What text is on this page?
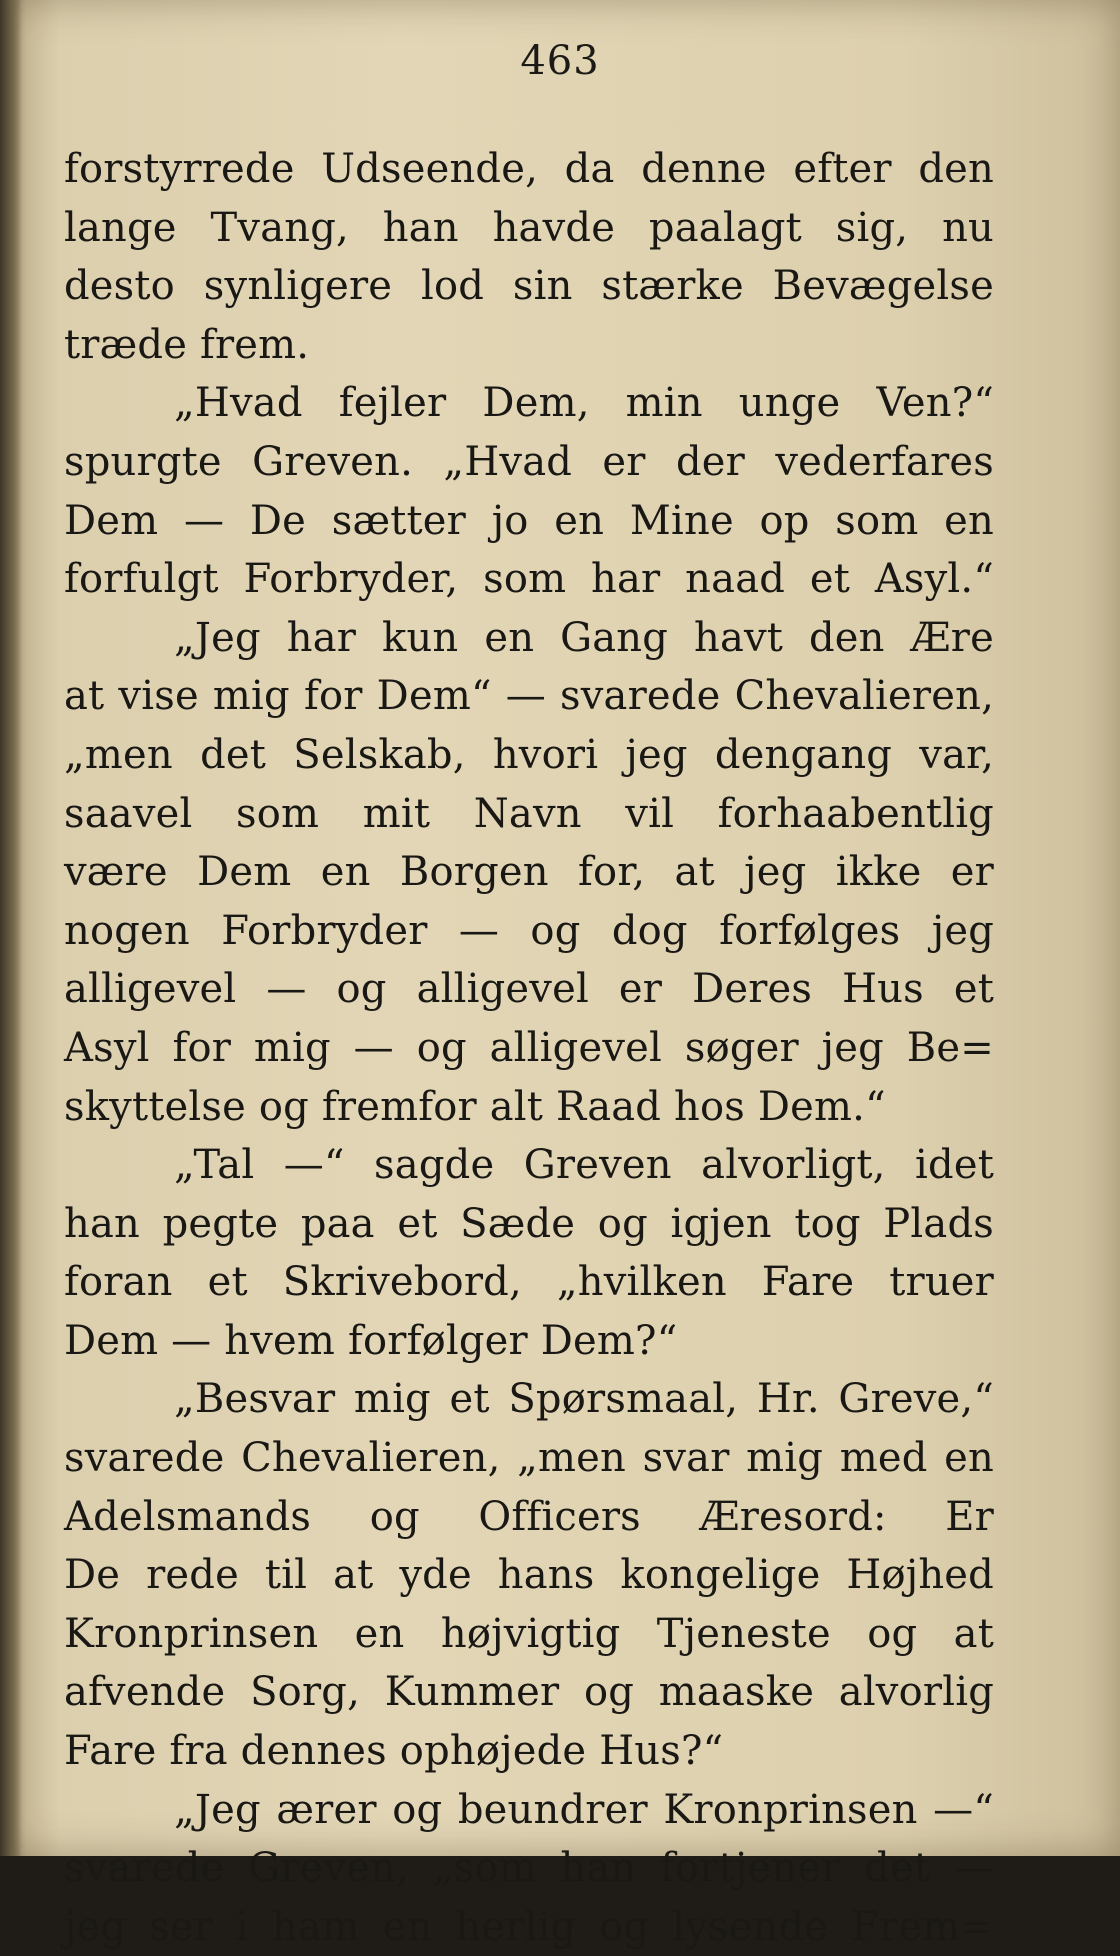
463
forstyrrede Udseende, da denne efter den
lange Tvang, han havde paalagt sig, nu
desto synligere lod sin stærke Bevægelse
træde frem.
„Hvad fejler Dem, min unge Ven?“
spurgte Greven. „Hvad er der vederfares
Dem — De sætter jo en Mine op som en
forfulgt Forbryder, som har naad et Asyl.“
„Jeg har kun en Gang havt den Ære
at vise mig for Dem“ — svarede Chevalieren,
„men det Selskab, hvori jeg dengang var,
saavel som mit Navn vil forhaabentlig
være Dem en Borgen for, at jeg ikke er
nogen Forbryder — og dog forfølges jeg
alligevel — og alligevel er Deres Hus et
Asyl for mig — og alligevel søger jeg Be=
skyttelse og fremfor alt Raad hos Dem.“
„Tal —“ sagde Greven alvorligt, idet
han pegte paa et Sæde og igjen tog Plads
foran et Skrivebord, „hvilken Fare truer
Dem — hvem forfølger Dem?“
„Besvar mig et Spørsmaal, Hr. Greve,“
svarede Chevalieren, „men svar mig med en
Adelsmands og Officers Æresord: Er
De rede til at yde hans kongelige Højhed
Kronprinsen en højvigtig Tjeneste og at
afvende Sorg, Kummer og maaske alvorlig
Fare fra dennes ophøjede Hus?“
„Jeg ærer og beundrer Kronprinsen —“
svarede Greven, „som han fortjener det —
jeg ser i ham en herlig og lysende Frem=
